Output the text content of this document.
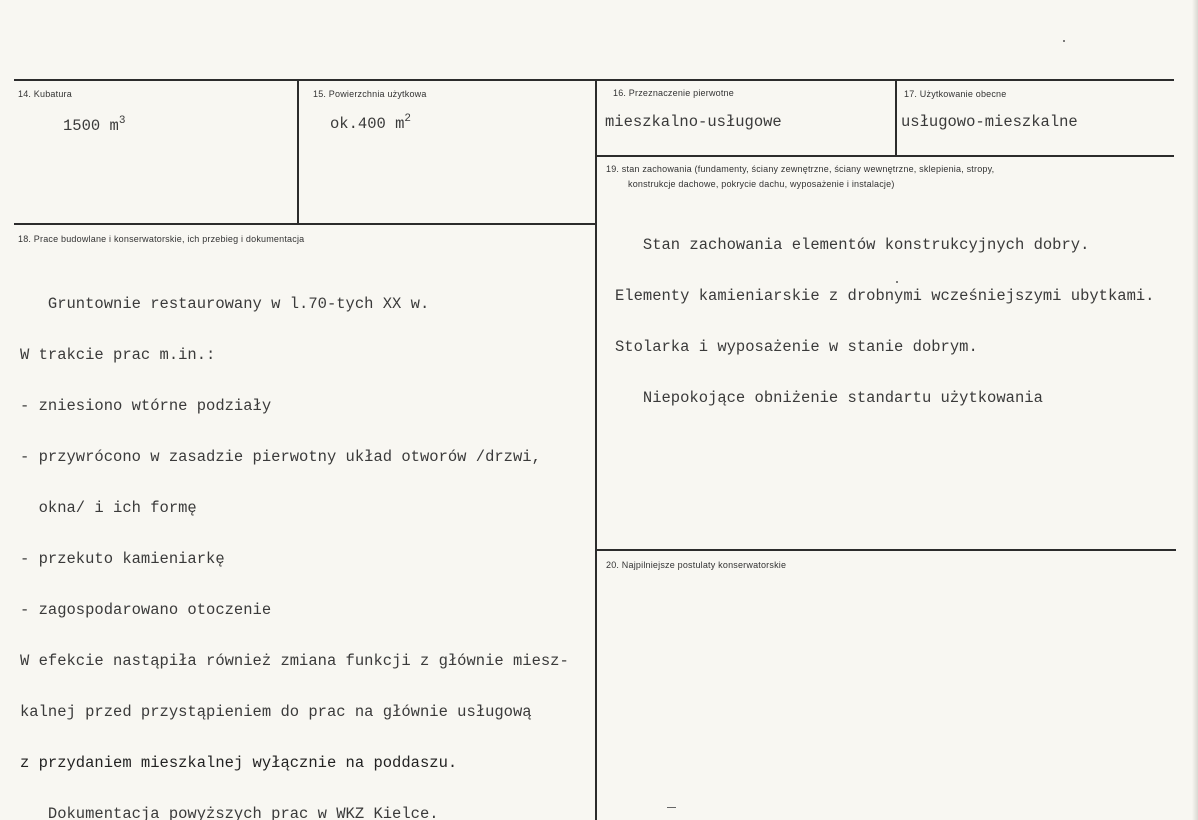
14. Kubatura
1500 $m^3$
15. Powierzchnia użytkowa
ok.400 $m^2$
16. Przeznaczenie pierwotne
mieszkalno-usługowe
17. Użytkowanie obecne
usługowo-mieszkalne
18. Prace budowlane i konserwatorskie, ich przebieg i dokumentacja

Gruntownie restaurowany w l.70-tych XX w.

W trakcie prac m.in.:

- zniesiono wtórne podziały

- przywrócono w zasadzie pierwotny układ otworów /drzwi,

okna/ i ich formę

- przekuto kamieniarkę

- zagospodarowano otoczenie

W efekcie nastąpiła również zmiana funkcji z głównie miesz-

kalnej przed przystąpieniem do prac na głównie usługową

z przydaniem mieszkalnej wyłącznie na poddaszu.

Dokumentacja powyższych prac w WKZ Kielce.

19. stan zachowania (fundamenty, ściany zewnętrzne, ściany wewnętrzne, sklepienia, stropy,
konstrukcje dachowe, pokrycie dachu, wyposażenie i instalacje)

Stan zachowania elementów konstrukcyjnych dobry.

Elementy kamieniarskie z drobnymi wcześniejszymi ubytkami.

Stolarka i wyposażenie w stanie dobrym.

Niepokojące obniżenie standartu użytkowania

20. Najpilniejsze postulaty konserwatorskie
